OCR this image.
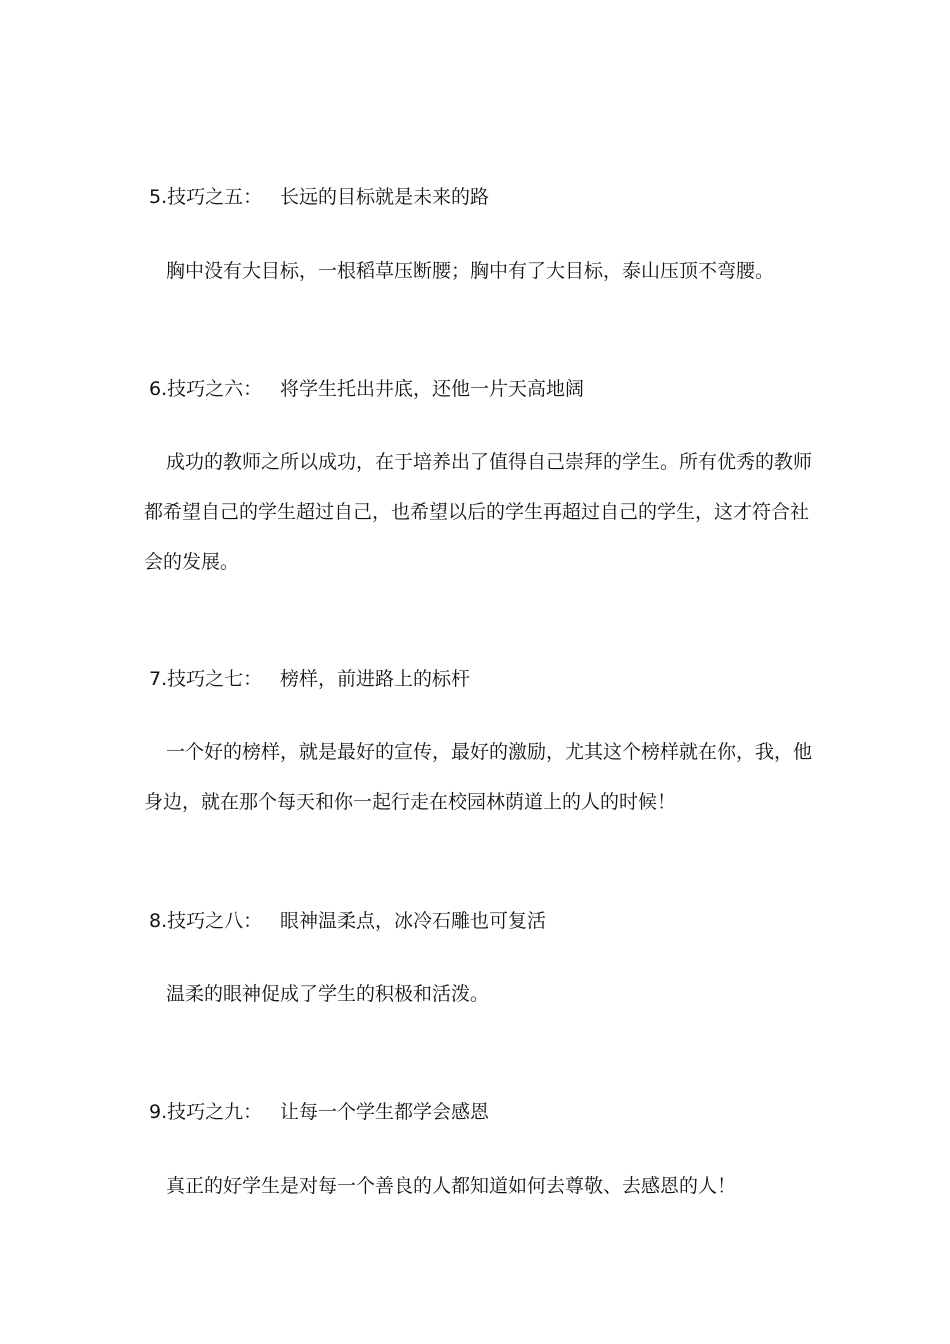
5.技巧之五： 长远的目标就是未来的路
胸中没有大目标，一根稻草压断腰；胸中有了大目标，泰山压顶不弯腰。
6.技巧之六： 将学生托出井底，还他一片天高地阔
成功的教师之所以成功，在于培养出了值得自己崇拜的学生。所有优秀的教师都希望自己的学生超过自己，也希望以后的学生再超过自己的学生，这才符合社会的发展。
7.技巧之七： 榜样，前进路上的标杆
一个好的榜样，就是最好的宣传，最好的激励，尤其这个榜样就在你，我，他身边，就在那个每天和你一起行走在校园林荫道上的人的时候！
8.技巧之八： 眼神温柔点，冰冷石雕也可复活
温柔的眼神促成了学生的积极和活泼。
9.技巧之九： 让每一个学生都学会感恩
真正的好学生是对每一个善良的人都知道如何去尊敬、去感恩的人！
